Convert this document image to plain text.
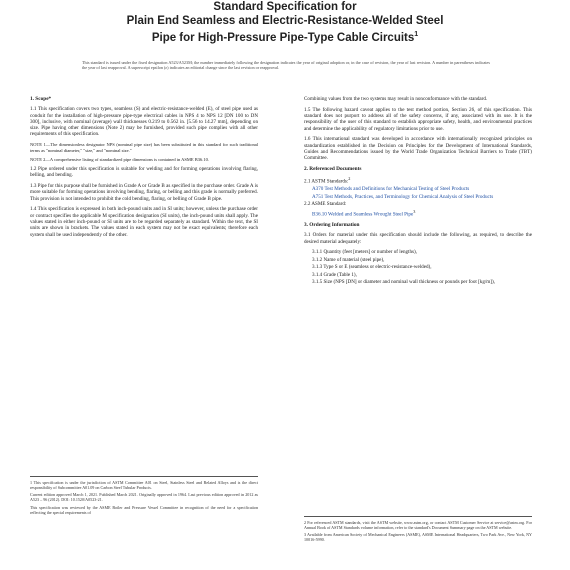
Standard Specification for
Plain End Seamless and Electric-Resistance-Welded Steel
Pipe for High-Pressure Pipe-Type Cable Circuits$^1$
This standard is issued under the fixed designation A523/A523M; the number immediately following the designation indicates the year of original adoption or, in the case of revision, the year of last revision. A number in parentheses indicates the year of last reapproval. A superscript epsilon (ε) indicates an editorial change since the last revision or reapproval.
1. Scope*
1.1 This specification covers two types, seamless (S) and electric-resistance-welded (E), of steel pipe used as conduit for the installation of high-pressure pipe-type electrical cables in NPS 4 to NPS 12 [DN 100 to DN 300], inclusive, with nominal (average) wall thicknesses 0.219 to 0.562 in. [5.56 to 14.27 mm], depending on size. Pipe having other dimensions (Note 2) may be furnished, provided such pipe complies with all other requirements of this specification.
NOTE 1—The dimensionless designator NPS (nominal pipe size) has been substituted in this standard for such traditional terms as "nominal diameter," "size," and "nominal size."
NOTE 2—A comprehensive listing of standardized pipe dimensions is contained in ASME B36.10.
1.2 Pipe ordered under this specification is suitable for welding and for forming operations involving flaring, belling, and bending.
1.3 Pipe for this purpose shall be furnished in Grade A or Grade B as specified in the purchase order. Grade A is more suitable for forming operations involving bending, flaring, or belling and this grade is normally preferred. This provision is not intended to prohibit the cold bending, flaring, or belling of Grade B pipe.
1.4 This specification is expressed in both inch-pound units and in SI units; however, unless the purchase order or contract specifies the applicable M specification designation (SI units), the inch-pound units shall apply. The values stated in either inch-pound or SI units are to be regarded separately as standard. Within the text, the SI units are shown in brackets. The values stated in each system may not be exact equivalents; therefore each system shall be used independently of the other.
Combining values from the two systems may result in nonconformance with the standard.
1.5 The following hazard caveat applies to the test method portion, Section 26, of this specification. This standard does not purport to address all of the safety concerns, if any, associated with its use. It is the responsibility of the user of this standard to establish appropriate safety, health, and environmental practices and determine the applicability of regulatory limitations prior to use.
1.6 This international standard was developed in accordance with internationally recognized principles on standardization established in the Decision on Principles for the Development of International Standards, Guides and Recommendations issued by the World Trade Organization Technical Barriers to Trade (TBT) Committee.
2. Referenced Documents
2.1 ASTM Standards:$^2$
A370 Test Methods and Definitions for Mechanical Testing of Steel Products
A751 Test Methods, Practices, and Terminology for Chemical Analysis of Steel Products
2.2 ASME Standard:
B36.10 Welded and Seamless Wrought Steel Pipe$^3$
3. Ordering Information
3.1 Orders for material under this specification should include the following, as required, to describe the desired material adequately:
3.1.1 Quantity (feet [meters] or number of lengths),
3.1.2 Name of material (steel pipe),
3.1.3 Type S or E (seamless or electric-resistance-welded),
3.1.4 Grade (Table 1),
3.1.5 Size (NPS [DN] or diameter and nominal wall thickness or pounds per foot [kg/m]),
1 This specification is under the jurisdiction of ASTM Committee A01 on Steel, Stainless Steel and Related Alloys and is the direct responsibility of Subcommittee A01.09 on Carbon Steel Tubular Products.
Current edition approved March 1, 2021. Published March 2021. Originally approved in 1964. Last previous edition approved in 2012 as A523 – 96 (2012). DOI: 10.1520/A0523-21.
This specification was reviewed by the ASME Boiler and Pressure Vessel Committee in recognition of the need for a specification reflecting the special requirements of
2 For referenced ASTM standards, visit the ASTM website, www.astm.org, or contact ASTM Customer Service at service@astm.org. For Annual Book of ASTM Standards volume information, refer to the standard's Document Summary page on the ASTM website.
3 Available from American Society of Mechanical Engineers (ASME), ASME International Headquarters, Two Park Ave., New York, NY 10016-5990.
